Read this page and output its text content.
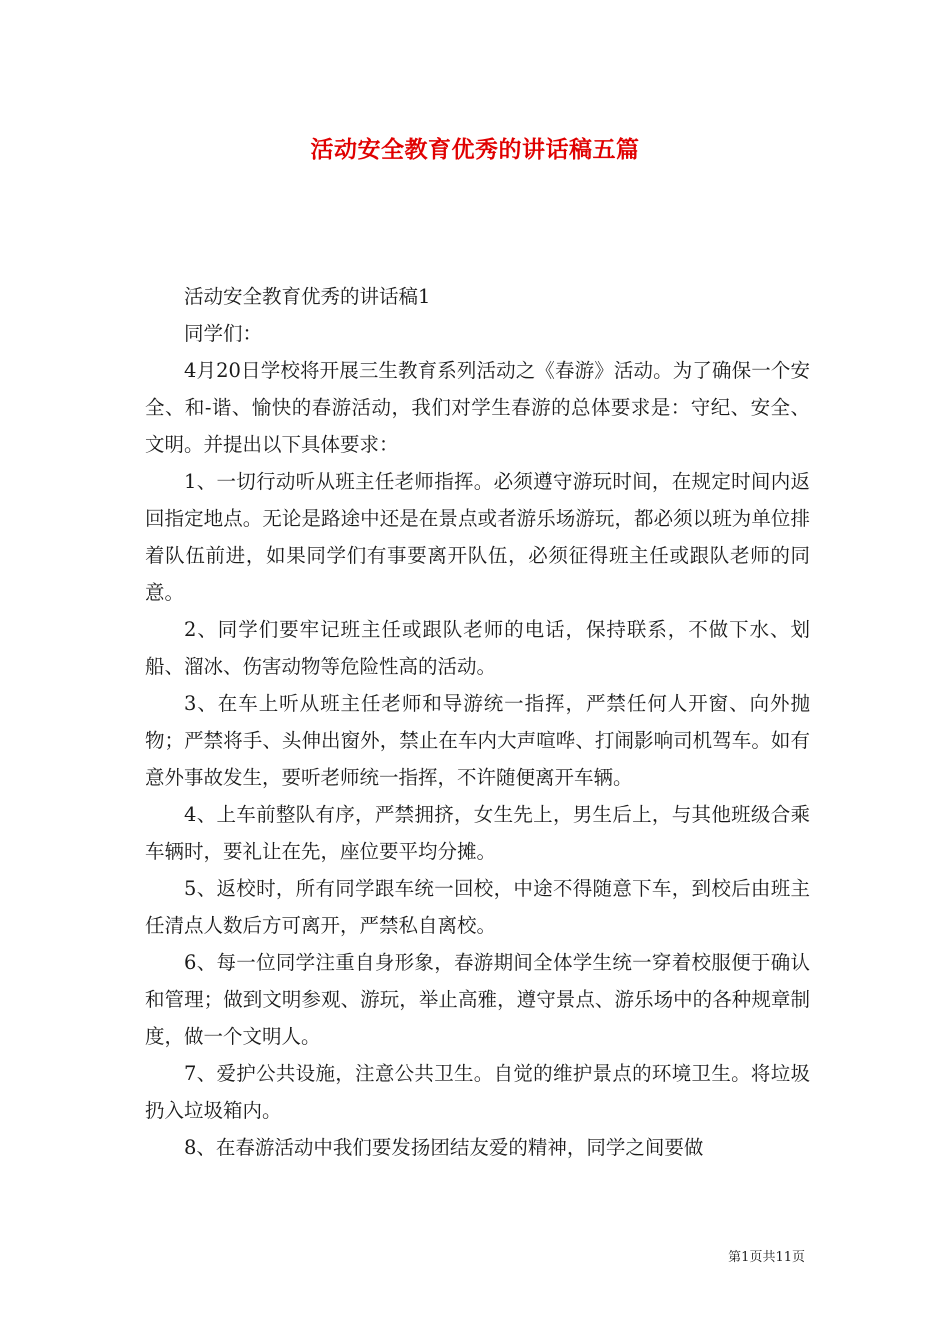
活动安全教育优秀的讲话稿五篇

活动安全教育优秀的讲话稿1

同学们：

4月20日学校将开展三生教育系列活动之《春游》活动。为了确保一个安全、和-谐、愉快的春游活动，我们对学生春游的总体要求是：守纪、安全、文明。并提出以下具体要求：

1、一切行动听从班主任老师指挥。必须遵守游玩时间，在规定时间内返回指定地点。无论是路途中还是在景点或者游乐场游玩，都必须以班为单位排着队伍前进，如果同学们有事要离开队伍，必须征得班主任或跟队老师的同意。

2、同学们要牢记班主任或跟队老师的电话，保持联系，不做下水、划船、溜冰、伤害动物等危险性高的活动。

3、在车上听从班主任老师和导游统一指挥，严禁任何人开窗、向外抛物；严禁将手、头伸出窗外，禁止在车内大声喧哗、打闹影响司机驾车。如有意外事故发生，要听老师统一指挥，不许随便离开车辆。

4、上车前整队有序，严禁拥挤，女生先上，男生后上，与其他班级合乘车辆时，要礼让在先，座位要平均分摊。

5、返校时，所有同学跟车统一回校，中途不得随意下车，到校后由班主任清点人数后方可离开，严禁私自离校。

6、每一位同学注重自身形象，春游期间全体学生统一穿着校服便于确认和管理；做到文明参观、游玩，举止高雅，遵守景点、游乐场中的各种规章制度，做一个文明人。

7、爱护公共设施，注意公共卫生。自觉的维护景点的环境卫生。将垃圾扔入垃圾箱内。

8、在春游活动中我们要发扬团结友爱的精神，同学之间要做

第1页共11页
